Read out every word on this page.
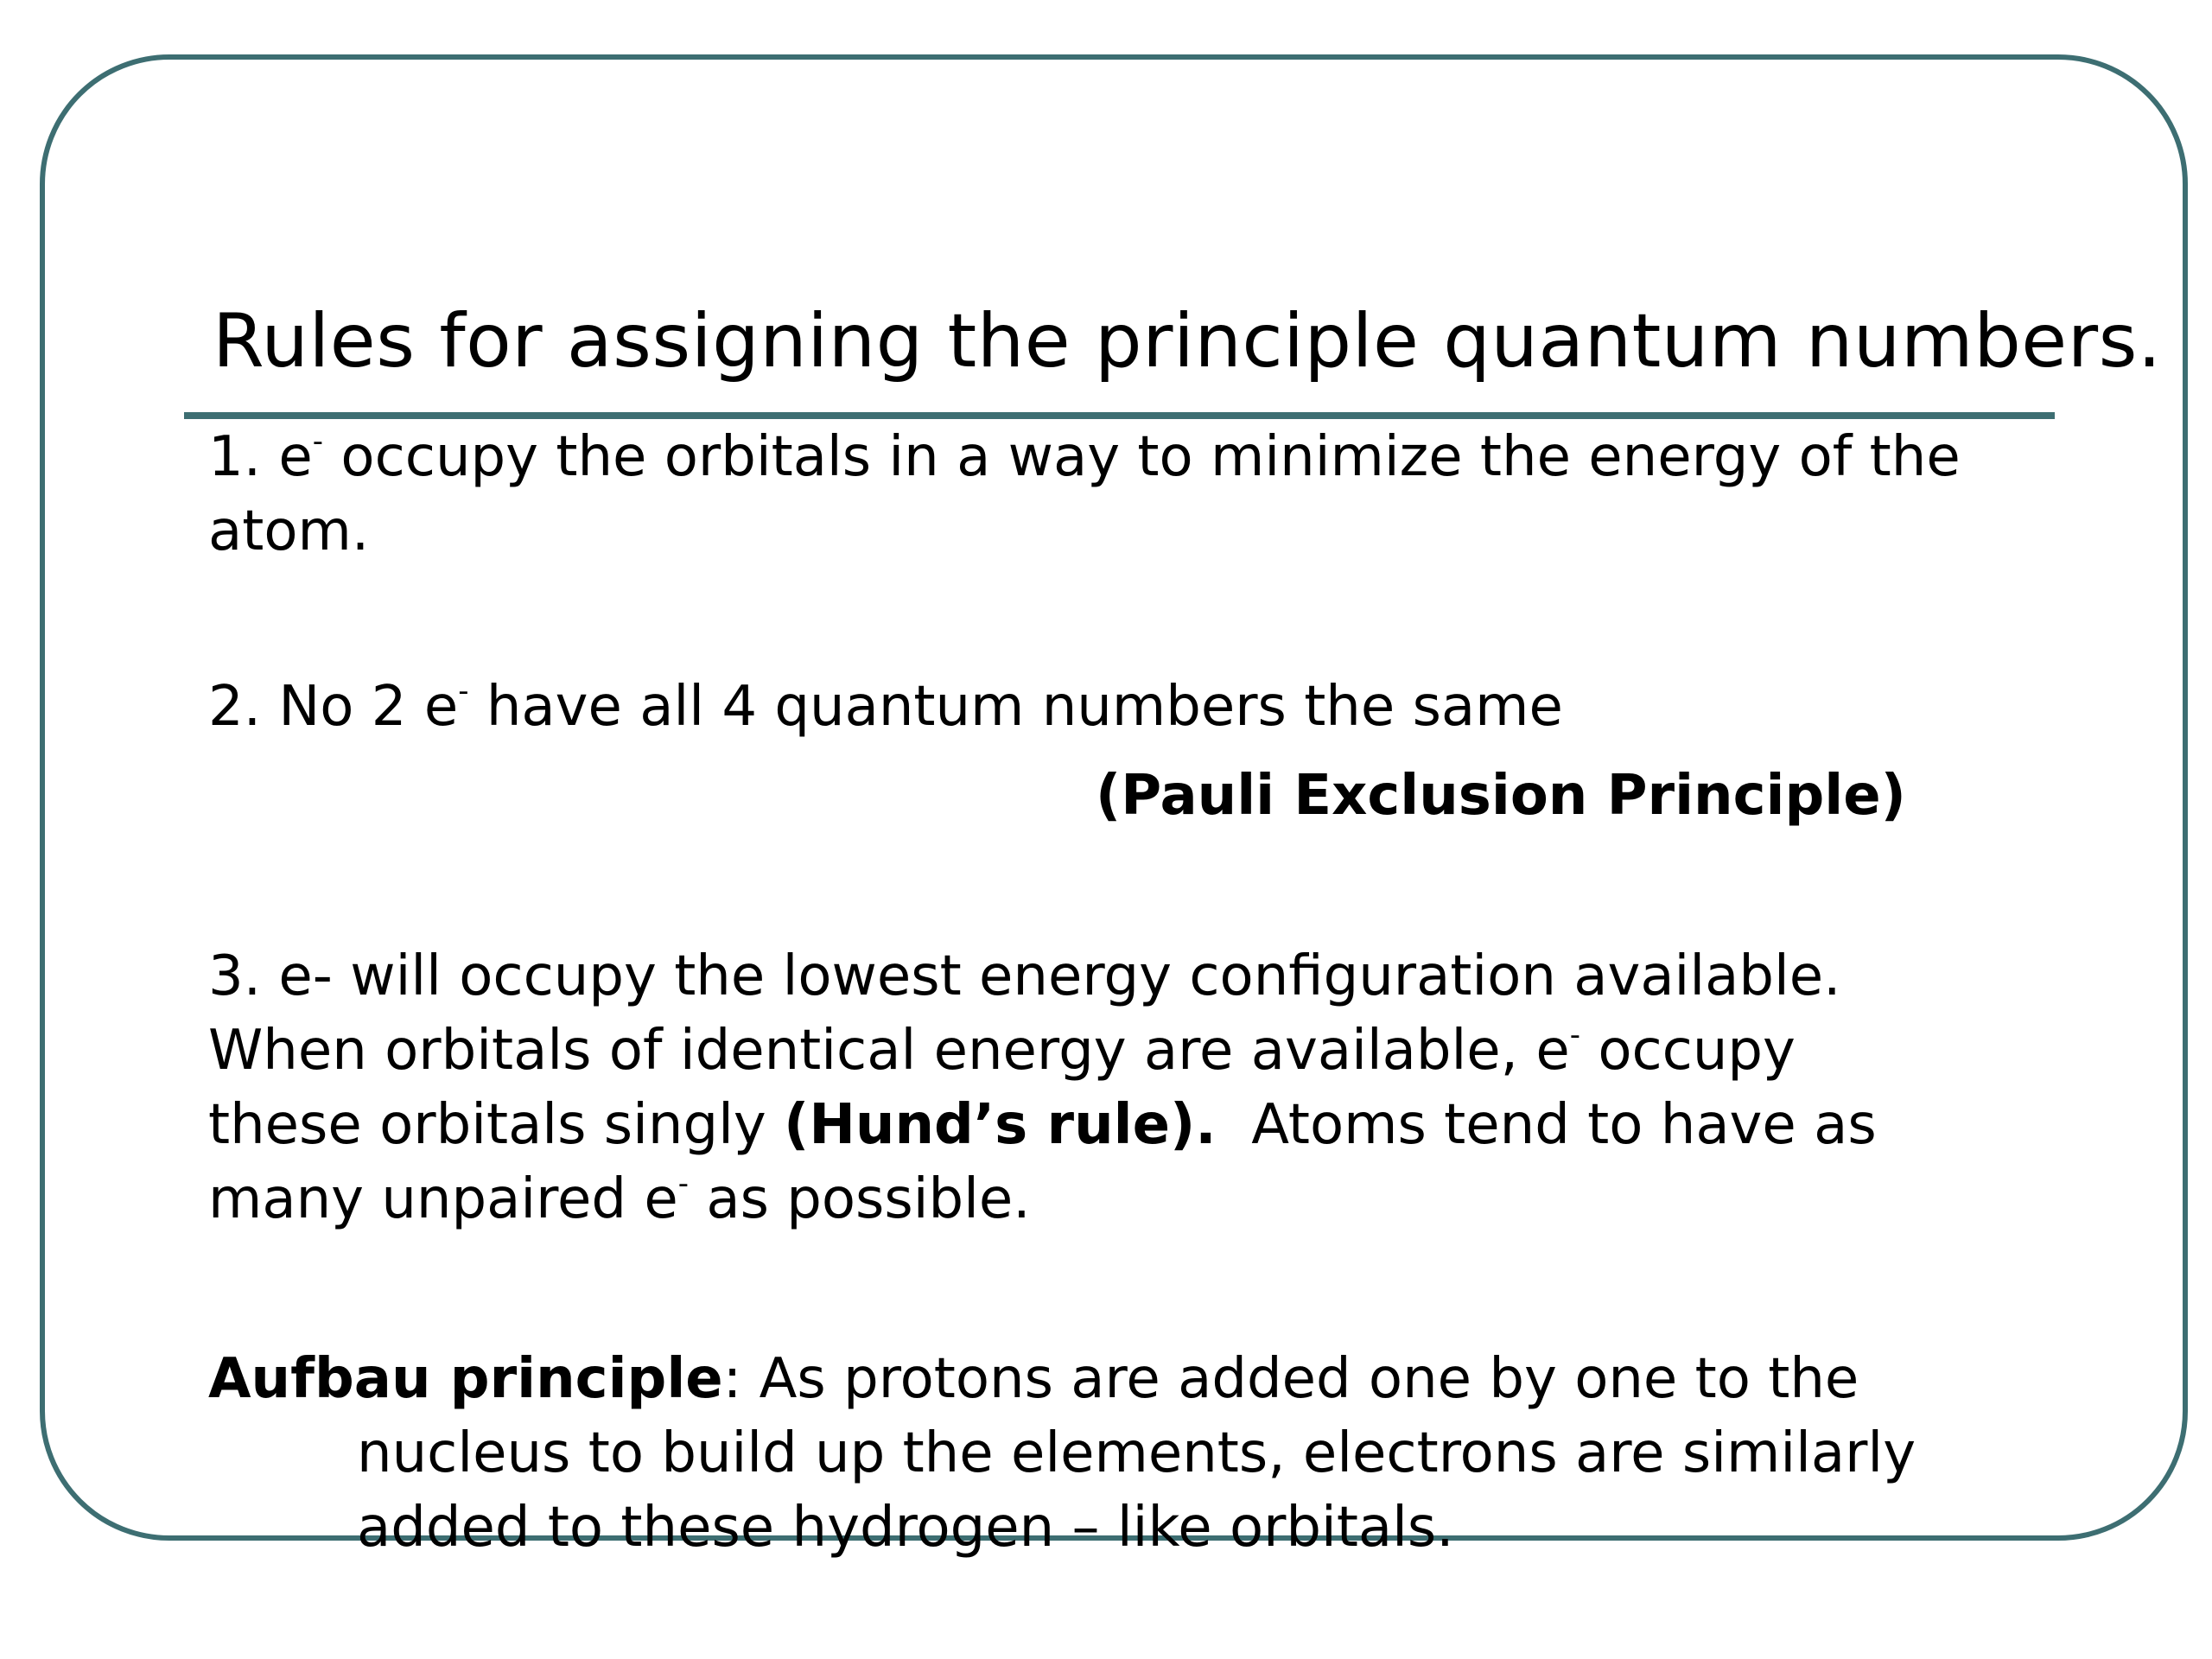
Rules for assigning the principle quantum numbers.
1. e- occupy the orbitals in a way to minimize the energy of the
atom.
2. No 2 e- have all 4 quantum numbers the same
(Pauli Exclusion Principle)
3. e- will occupy the lowest energy configuration available.
When orbitals of identical energy are available, e- occupy
these orbitals singly (Hund’s rule).  Atoms tend to have as
many unpaired e- as possible.
Aufbau principle: As protons are added one by one to the
nucleus to build up the elements, electrons are similarly
added to these hydrogen – like orbitals.
